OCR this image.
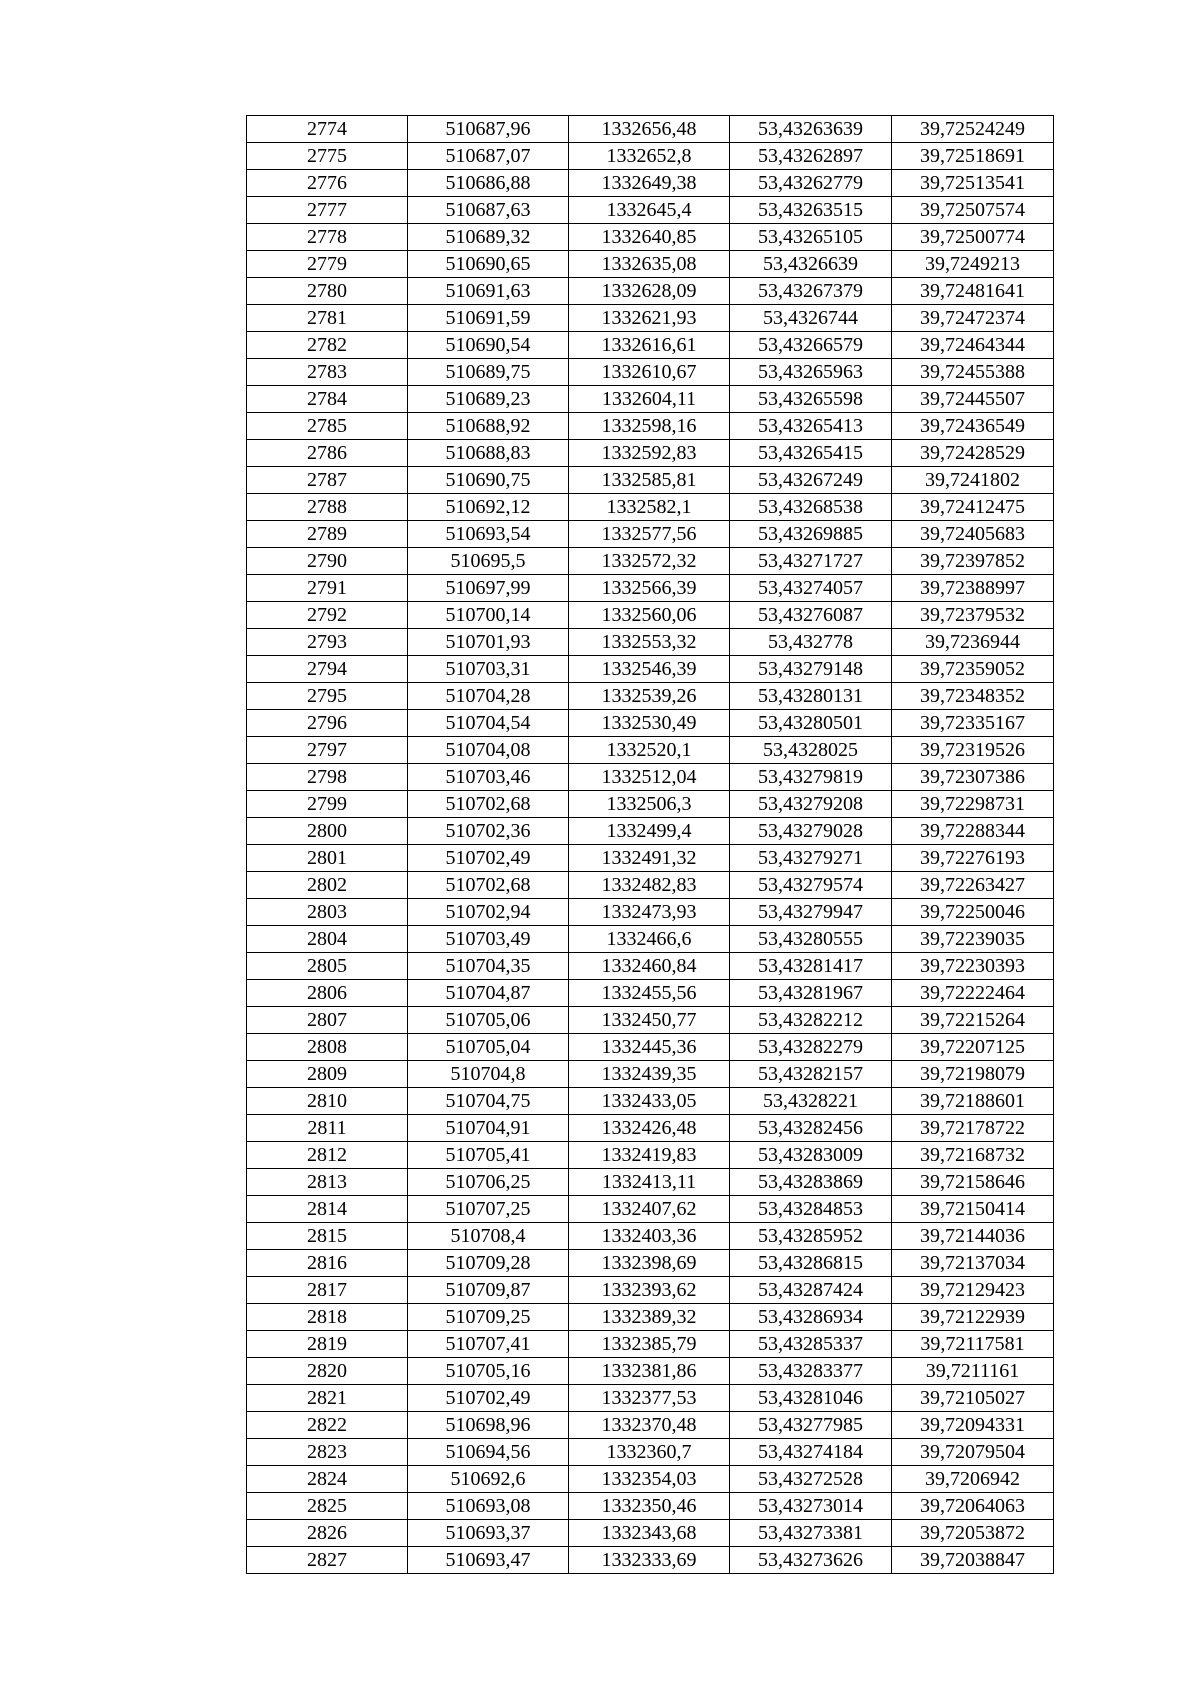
2774	510687,96	1332656,48	53,43263639	39,72524249
2775	510687,07	1332652,8	53,43262897	39,72518691
2776	510686,88	1332649,38	53,43262779	39,72513541
2777	510687,63	1332645,4	53,43263515	39,72507574
2778	510689,32	1332640,85	53,43265105	39,72500774
2779	510690,65	1332635,08	53,4326639	39,7249213
2780	510691,63	1332628,09	53,43267379	39,72481641
2781	510691,59	1332621,93	53,4326744	39,72472374
2782	510690,54	1332616,61	53,43266579	39,72464344
2783	510689,75	1332610,67	53,43265963	39,72455388
2784	510689,23	1332604,11	53,43265598	39,72445507
2785	510688,92	1332598,16	53,43265413	39,72436549
2786	510688,83	1332592,83	53,43265415	39,72428529
2787	510690,75	1332585,81	53,43267249	39,7241802
2788	510692,12	1332582,1	53,43268538	39,72412475
2789	510693,54	1332577,56	53,43269885	39,72405683
2790	510695,5	1332572,32	53,43271727	39,72397852
2791	510697,99	1332566,39	53,43274057	39,72388997
2792	510700,14	1332560,06	53,43276087	39,72379532
2793	510701,93	1332553,32	53,432778	39,7236944
2794	510703,31	1332546,39	53,43279148	39,72359052
2795	510704,28	1332539,26	53,43280131	39,72348352
2796	510704,54	1332530,49	53,43280501	39,72335167
2797	510704,08	1332520,1	53,4328025	39,72319526
2798	510703,46	1332512,04	53,43279819	39,72307386
2799	510702,68	1332506,3	53,43279208	39,72298731
2800	510702,36	1332499,4	53,43279028	39,72288344
2801	510702,49	1332491,32	53,43279271	39,72276193
2802	510702,68	1332482,83	53,43279574	39,72263427
2803	510702,94	1332473,93	53,43279947	39,72250046
2804	510703,49	1332466,6	53,43280555	39,72239035
2805	510704,35	1332460,84	53,43281417	39,72230393
2806	510704,87	1332455,56	53,43281967	39,72222464
2807	510705,06	1332450,77	53,43282212	39,72215264
2808	510705,04	1332445,36	53,43282279	39,72207125
2809	510704,8	1332439,35	53,43282157	39,72198079
2810	510704,75	1332433,05	53,4328221	39,72188601
2811	510704,91	1332426,48	53,43282456	39,72178722
2812	510705,41	1332419,83	53,43283009	39,72168732
2813	510706,25	1332413,11	53,43283869	39,72158646
2814	510707,25	1332407,62	53,43284853	39,72150414
2815	510708,4	1332403,36	53,43285952	39,72144036
2816	510709,28	1332398,69	53,43286815	39,72137034
2817	510709,87	1332393,62	53,43287424	39,72129423
2818	510709,25	1332389,32	53,43286934	39,72122939
2819	510707,41	1332385,79	53,43285337	39,72117581
2820	510705,16	1332381,86	53,43283377	39,7211161
2821	510702,49	1332377,53	53,43281046	39,72105027
2822	510698,96	1332370,48	53,43277985	39,72094331
2823	510694,56	1332360,7	53,43274184	39,72079504
2824	510692,6	1332354,03	53,43272528	39,7206942
2825	510693,08	1332350,46	53,43273014	39,72064063
2826	510693,37	1332343,68	53,43273381	39,72053872
2827	510693,47	1332333,69	53,43273626	39,72038847
